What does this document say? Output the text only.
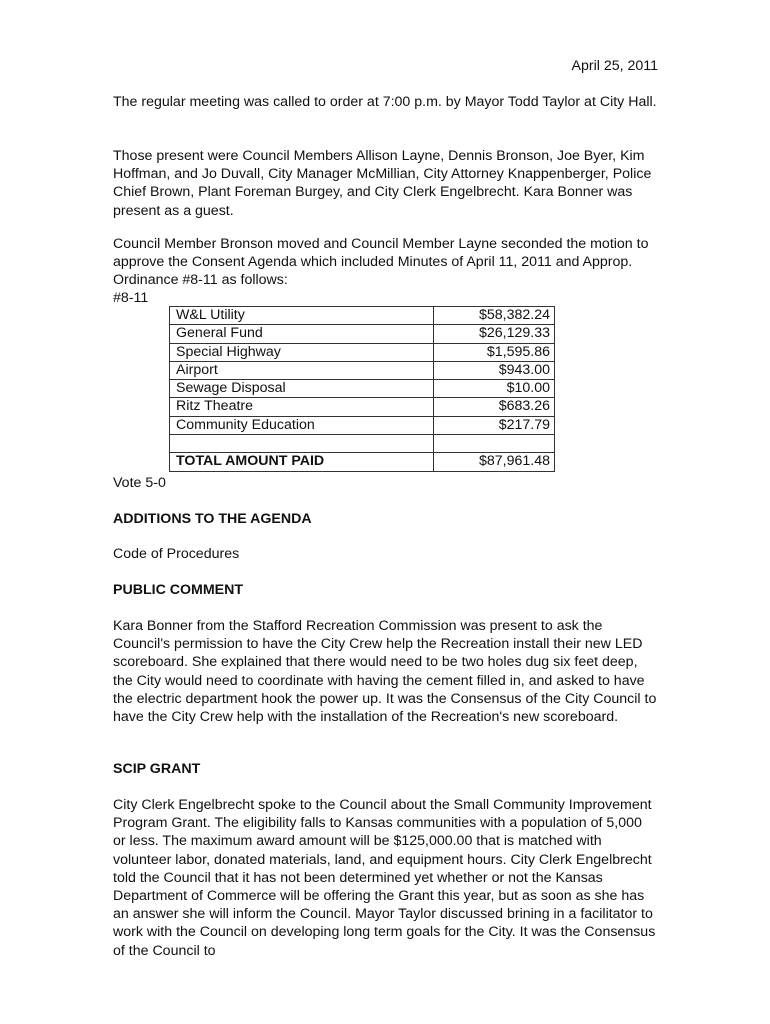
April 25, 2011

The regular meeting was called to order at 7:00 p.m. by Mayor Todd Taylor at City Hall.

Those present were Council Members Allison Layne, Dennis Bronson, Joe Byer, Kim Hoffman, and Jo Duvall, City Manager McMillian, City Attorney Knappenberger, Police Chief Brown, Plant Foreman Burgey, and City Clerk Engelbrecht. Kara Bonner was present as a guest.

Council Member Bronson moved and Council Member Layne seconded the motion to approve the Consent Agenda which included Minutes of April 11, 2011 and Approp. Ordinance #8-11 as follows:

#8-11

W&L Utility	$58,382.24
General Fund	$26,129.33
Special Highway	$1,595.86
Airport	$943.00
Sewage Disposal	$10.00
Ritz Theatre	$683.26
Community Education	$217.79

TOTAL AMOUNT PAID	$87,961.48

Vote 5-0

ADDITIONS TO THE AGENDA

Code of Procedures

PUBLIC COMMENT

Kara Bonner from the Stafford Recreation Commission was present to ask the Council's permission to have the City Crew help the Recreation install their new LED scoreboard. She explained that there would need to be two holes dug six feet deep, the City would need to coordinate with having the cement filled in, and asked to have the electric department hook the power up. It was the Consensus of the City Council to have the City Crew help with the installation of the Recreation's new scoreboard.

SCIP GRANT

City Clerk Engelbrecht spoke to the Council about the Small Community Improvement Program Grant. The eligibility falls to Kansas communities with a population of 5,000 or less. The maximum award amount will be $125,000.00 that is matched with volunteer labor, donated materials, land, and equipment hours. City Clerk Engelbrecht told the Council that it has not been determined yet whether or not the Kansas Department of Commerce will be offering the Grant this year, but as soon as she has an answer she will inform the Council. Mayor Taylor discussed brining in a facilitator to work with the Council on developing long term goals for the City. It was the Consensus of the Council to
